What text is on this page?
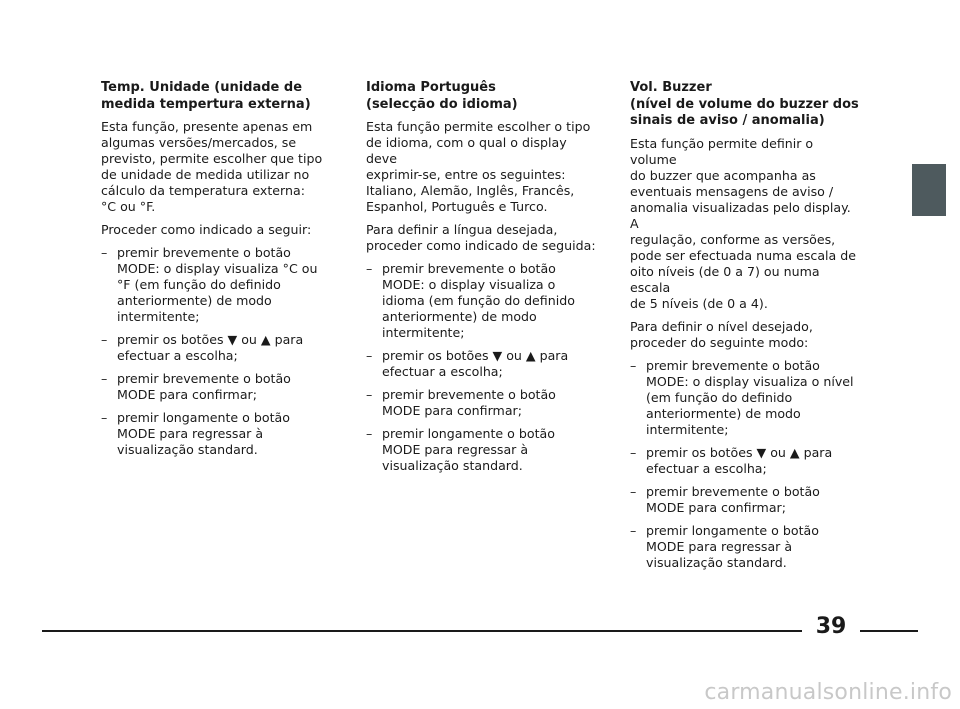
Temp. Unidade (unidade de
medida tempertura externa)

Esta função, presente apenas em
algumas versões/mercados, se
previsto, permite escolher que tipo
de unidade de medida utilizar no
cálculo da temperatura externa:
°C ou °F.

Proceder como indicado a seguir:

– premir brevemente o botão
MODE: o display visualiza °C ou
°F (em função do definido
anteriormente) de modo
intermitente;
– premir os botões ▼ ou ▲ para
efectuar a escolha;
– premir brevemente o botão
MODE para confirmar;
– premir longamente o botão
MODE para regressar à
visualização standard.
Idioma Português
(selecção do idioma)

Esta função permite escolher o tipo
de idioma, com o qual o display deve
exprimir-se, entre os seguintes:
Italiano, Alemão, Inglês, Francês,
Espanhol, Português e Turco.

Para definir a língua desejada,
proceder como indicado de seguida:

– premir brevemente o botão
MODE: o display visualiza o
idioma (em função do definido
anteriormente) de modo
intermitente;
– premir os botões ▼ ou ▲ para
efectuar a escolha;
– premir brevemente o botão
MODE para confirmar;
– premir longamente o botão
MODE para regressar à
visualização standard.
Vol. Buzzer
(nível de volume do buzzer dos
sinais de aviso / anomalia)

Esta função permite definir o volume
do buzzer que acompanha as
eventuais mensagens de aviso /
anomalia visualizadas pelo display. A
regulação, conforme as versões,
pode ser efectuada numa escala de
oito níveis (de 0 a 7) ou numa escala
de 5 níveis (de 0 a 4).

Para definir o nível desejado,
proceder do seguinte modo:

– premir brevemente o botão
MODE: o display visualiza o nível
(em função do definido
anteriormente) de modo
intermitente;
– premir os botões ▼ ou ▲ para
efectuar a escolha;
– premir brevemente o botão
MODE para confirmar;
– premir longamente o botão
MODE para regressar à
visualização standard.
39
carmanualsonline.info
